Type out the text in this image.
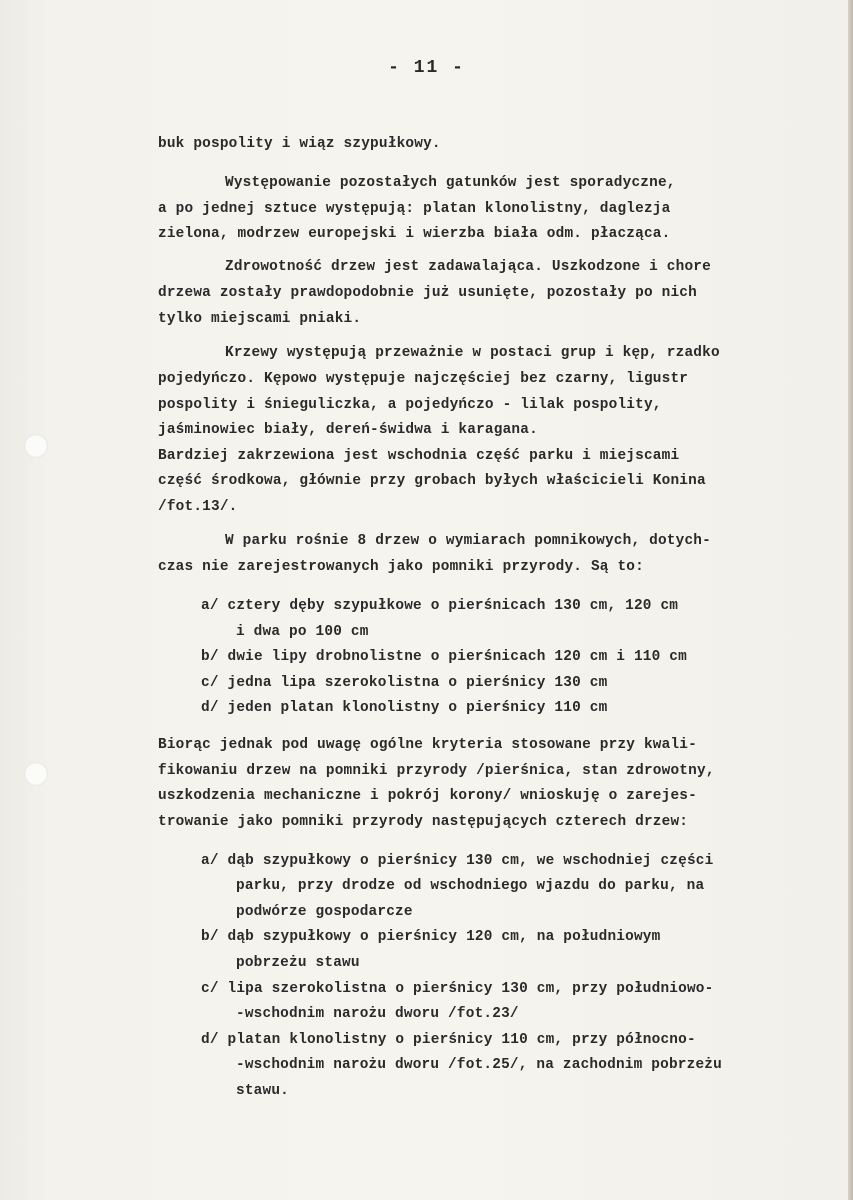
- 11 -
buk pospolity i wiąz szypułkowy.
Występowanie pozostałych gatunków jest sporadyczne,
a po jednej sztuce występują: platan klonolistny, daglezja
zielona, modrzew europejski i wierzba biała odm. płacząca.
Zdrowotność drzew jest zadawalająca. Uszkodzone i chore
drzewa zostały prawdopodobnie już usunięte, pozostały po nich
tylko miejscami pniaki.
Krzewy występują przeważnie w postaci grup i kęp, rzadko
pojedyńczo. Kępowo występuje najczęściej bez czarny, ligustr
pospolity i śnieguliczka, a pojedyńczo - lilak pospolity,
jaśminowiec biały, dereń-świdwa i karagana.
Bardziej zakrzewiona jest wschodnia część parku i miejscami
część środkowa, głównie przy grobach byłych właścicieli Konina
/fot.13/.
W parku rośnie 8 drzew o wymiarach pomnikowych, dotych-
czas nie zarejestrowanych jako pomniki przyrody. Są to:
a/ cztery dęby szypułkowe o pierśnicach 130 cm, 120 cm
i dwa po 100 cm
b/ dwie lipy drobnolistne o pierśnicach 120 cm i 110 cm
c/ jedna lipa szerokolistna o pierśnicy 130 cm
d/ jeden platan klonolistny o pierśnicy 110 cm
Biorąc jednak pod uwagę ogólne kryteria stosowane przy kwali-
fikowaniu drzew na pomniki przyrody /pierśnica, stan zdrowotny,
uszkodzenia mechaniczne i pokrój korony/ wnioskuję o zarejes-
trowanie jako pomniki przyrody następujących czterech drzew:
a/ dąb szypułkowy o pierśnicy 130 cm, we wschodniej części
parku, przy drodze od wschodniego wjazdu do parku, na
podwórze gospodarcze
b/ dąb szypułkowy o pierśnicy 120 cm, na południowym
pobrzeżu stawu
c/ lipa szerokolistna o pierśnicy 130 cm, przy południowo-
-wschodnim narożu dworu /fot.23/
d/ platan klonolistny o pierśnicy 110 cm, przy północno-
-wschodnim narożu dworu /fot.25/, na zachodnim pobrzeżu
stawu.
